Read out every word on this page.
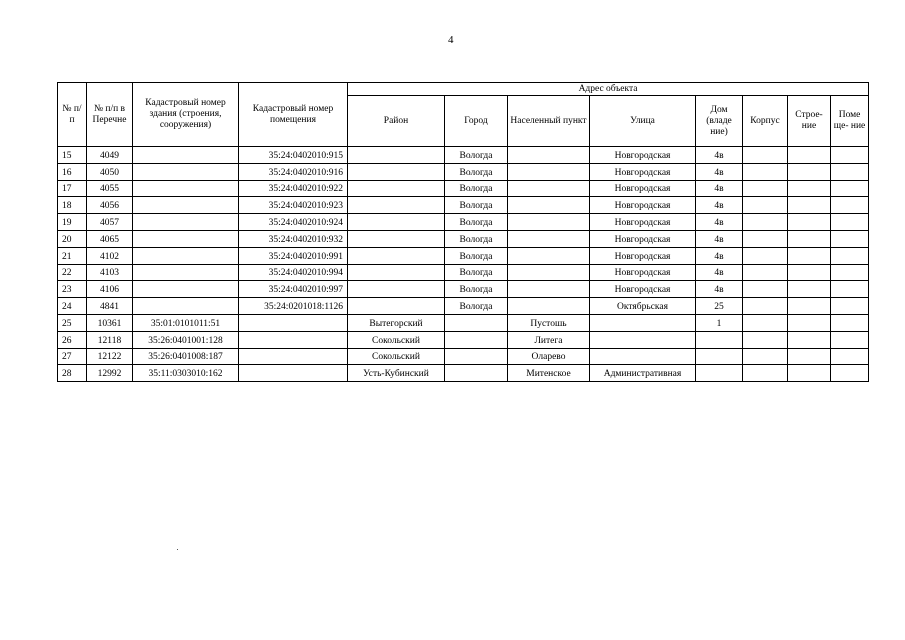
4
№ п/п	№ п/п в Перечне	Кадастровый номер здания (строения, сооружения)	Кадастровый номер помещения	Адрес объекта							
				Район	Город	Населенный пункт	Улица	Дом (владе ние)	Корпус	Строе- ние	Поме ще- ние
15	4049		35:24:0402010:915		Вологда		Новгородская	4в			
16	4050		35:24:0402010:916		Вологда		Новгородская	4в			
17	4055		35:24:0402010:922		Вологда		Новгородская	4в			
18	4056		35:24:0402010:923		Вологда		Новгородская	4в			
19	4057		35:24:0402010:924		Вологда		Новгородская	4в			
20	4065		35:24:0402010:932		Вологда		Новгородская	4в			
21	4102		35:24:0402010:991		Вологда		Новгородская	4в			
22	4103		35:24:0402010:994		Вологда		Новгородская	4в			
23	4106		35:24:0402010:997		Вологда		Новгородская	4в			
24	4841		35:24:0201018:1126		Вологда		Октябрьская	25			
25	10361	35:01:0101011:51		Вытегорский		Пустошь		1			
26	12118	35:26:0401001:128		Сокольский		Литега					
27	12122	35:26:0401008:187		Сокольский		Оларево					
28	12992	35:11:0303010:162		Усть-Кубинский		Митенское	Административная				
